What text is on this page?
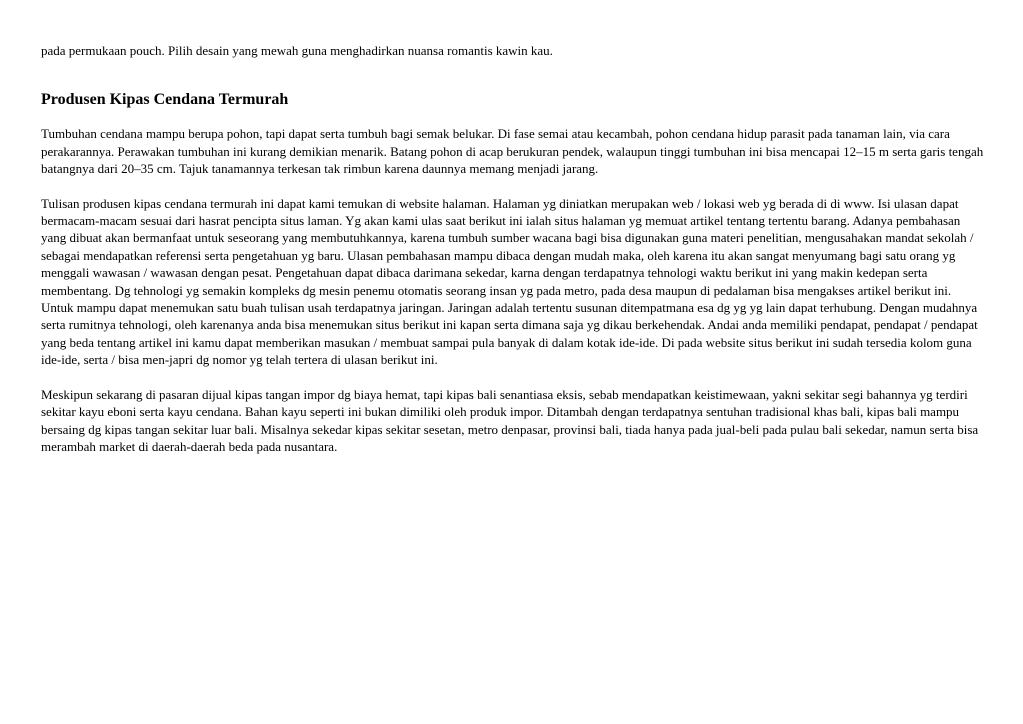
pada permukaan pouch. Pilih desain yang mewah guna menghadirkan nuansa romantis kawin kau.

Produsen Kipas Cendana Termurah

Tumbuhan cendana mampu berupa pohon, tapi dapat serta tumbuh bagi semak belukar. Di fase semai atau kecambah, pohon cendana hidup parasit pada tanaman lain, via cara perakarannya. Perawakan tumbuhan ini kurang demikian menarik. Batang pohon di acap berukuran pendek, walaupun tinggi tumbuhan ini bisa mencapai 12–15 m serta garis tengah batangnya dari 20–35 cm. Tajuk tanamannya terkesan tak rimbun karena daunnya memang menjadi jarang.

Tulisan produsen kipas cendana termurah ini dapat kami temukan di website halaman. Halaman yg diniatkan merupakan web / lokasi web yg berada di di www. Isi ulasan dapat bermacam-macam sesuai dari hasrat pencipta situs laman. Yg akan kami ulas saat berikut ini ialah situs halaman yg memuat artikel tentang tertentu barang. Adanya pembahasan yang dibuat akan bermanfaat untuk seseorang yang membutuhkannya, karena tumbuh sumber wacana bagi bisa digunakan guna materi penelitian, mengusahakan mandat sekolah / sebagai mendapatkan referensi serta pengetahuan yg baru. Ulasan pembahasan mampu dibaca dengan mudah maka, oleh karena itu akan sangat menyumang bagi satu orang yg menggali wawasan / wawasan dengan pesat. Pengetahuan dapat dibaca darimana sekedar, karna dengan terdapatnya tehnologi waktu berikut ini yang makin kedepan serta membentang. Dg tehnologi yg semakin kompleks dg mesin penemu otomatis seorang insan yg pada metro, pada desa maupun di pedalaman bisa mengakses artikel berikut ini. Untuk mampu dapat menemukan satu buah tulisan usah terdapatnya jaringan. Jaringan adalah tertentu susunan ditempatmana esa dg yg yg lain dapat terhubung. Dengan mudahnya serta rumitnya tehnologi, oleh karenanya anda bisa menemukan situs berikut ini kapan serta dimana saja yg dikau berkehendak. Andai anda memiliki pendapat, pendapat / pendapat yang beda tentang artikel ini kamu dapat memberikan masukan / membuat sampai pula banyak di dalam kotak ide-ide. Di pada website situs berikut ini sudah tersedia kolom guna ide-ide, serta / bisa men-japri dg nomor yg telah tertera di ulasan berikut ini.

Meskipun sekarang di pasaran dijual kipas tangan impor dg biaya hemat, tapi kipas bali senantiasa eksis, sebab mendapatkan keistimewaan, yakni sekitar segi bahannya yg terdiri sekitar kayu eboni serta kayu cendana. Bahan kayu seperti ini bukan dimiliki oleh produk impor. Ditambah dengan terdapatnya sentuhan tradisional khas bali, kipas bali mampu bersaing dg kipas tangan sekitar luar bali. Misalnya sekedar kipas sekitar sesetan, metro denpasar, provinsi bali, tiada hanya pada jual-beli pada pulau bali sekedar, namun serta bisa merambah market di daerah-daerah beda pada nusantara.
